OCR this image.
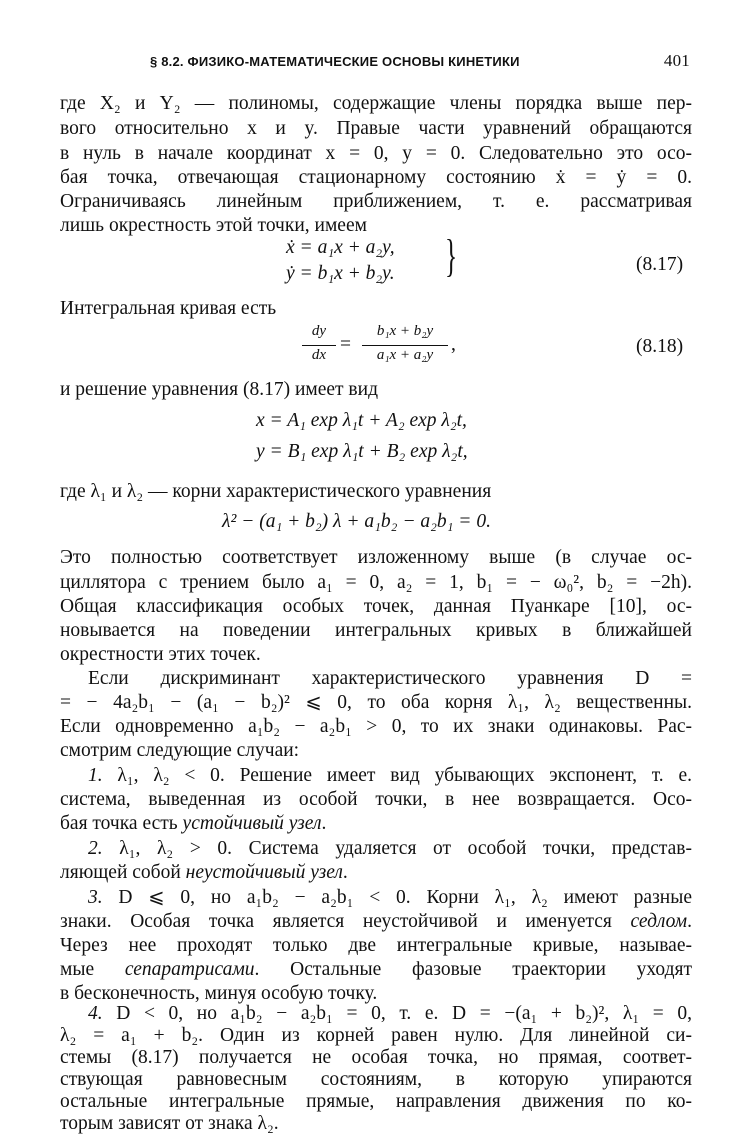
§ 8.2. ФИЗИКО-МАТЕМАТИЧЕСКИЕ ОСНОВЫ КИНЕТИКИ	401
где X₂ и Y₂ — полиномы, содержащие члены порядка выше пер-
вого относительно x и y. Правые части уравнений обращаются
в нуль в начале координат x = 0, y = 0. Следовательно это осо-
бая точка, отвечающая стационарному состоянию ẋ = ẏ = 0.
Ограничиваясь линейным приближением, т. е. рассматривая
лишь окрестность этой точки, имеем
ẋ = a₁x + a₂y,
ẏ = b₁x + b₂y. }	(8.17)
Интегральная кривая есть
dy
dx =
b₁x + b₂y
a₁x + a₂y ,	(8.18)
и решение уравнения (8.17) имеет вид
x = A₁ exp λ₁t + A₂ exp λ₂t,
y = B₁ exp λ₁t + B₂ exp λ₂t,
где λ₁ и λ₂ — корни характеристического уравнения
λ² − (a₁ + b₂) λ + a₁b₂ − a₂b₁ = 0.
Это полностью соответствует изложенному выше (в случае ос-
циллятора с трением было a₁ = 0, a₂ = 1, b₁ = − ω₀², b₂ = −2h).
Общая классификация особых точек, данная Пуанкаре [10], ос-
новывается на поведении интегральных кривых в ближайшей
окрестности этих точек.
Если дискриминант характеристического уравнения D =
= − 4a₂b₁ − (a₁ − b₂)² ⩽ 0, то оба корня λ₁, λ₂ вещественны.
Если одновременно a₁b₂ − a₂b₁ > 0, то их знаки одинаковы. Рас-
смотрим следующие случаи:
1. λ₁, λ₂ < 0. Решение имеет вид убывающих экспонент, т. е.
система, выведенная из особой точки, в нее возвращается. Осо-
бая точка есть устойчивый узел.
2. λ₁, λ₂ > 0. Система удаляется от особой точки, представ-
ляющей собой неустойчивый узел.
3. D ⩽ 0, но a₁b₂ − a₂b₁ < 0. Корни λ₁, λ₂ имеют разные
знаки. Особая точка является неустойчивой и именуется седлом.
Через нее проходят только две интегральные кривые, называе-
мые сепаратрисами. Остальные фазовые траектории уходят
в бесконечность, минуя особую точку.
4. D < 0, но a₁b₂ − a₂b₁ = 0, т. е. D = −(a₁ + b₂)², λ₁ = 0,
λ₂ = a₁ + b₂. Один из корней равен нулю. Для линейной си-
стемы (8.17) получается не особая точка, но прямая, соответ-
ствующая равновесным состояниям, в которую упираются
остальные интегральные прямые, направления движения по ко-
торым зависят от знака λ₂.
